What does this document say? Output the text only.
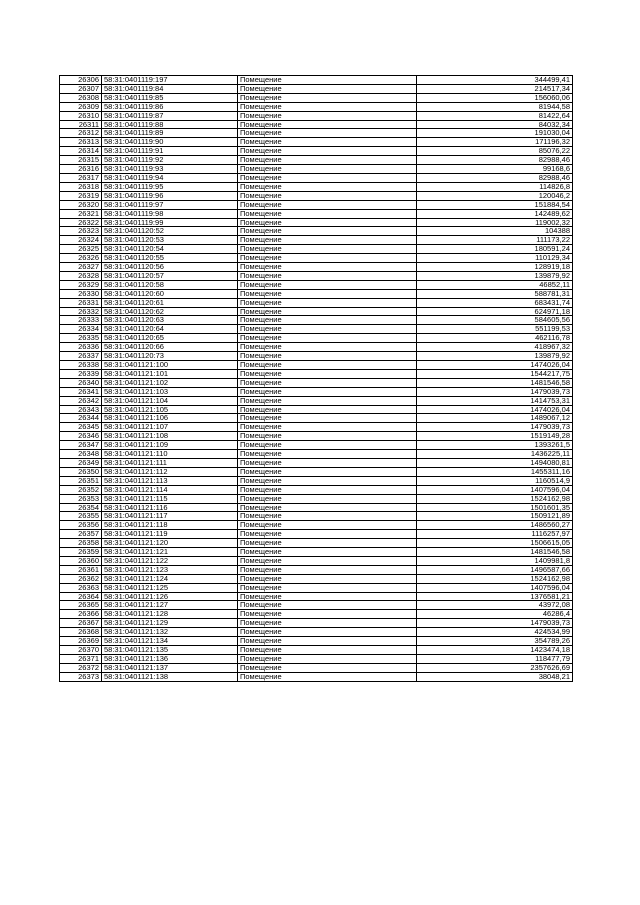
26306	58:31:0401119:197	Помещение	344499,41
26307	58:31:0401119:84	Помещение	214517,34
26308	58:31:0401119:85	Помещение	156060,06
26309	58:31:0401119:86	Помещение	81944,58
26310	58:31:0401119:87	Помещение	81422,64
26311	58:31:0401119:88	Помещение	84032,34
26312	58:31:0401119:89	Помещение	191030,04
26313	58:31:0401119:90	Помещение	171196,32
26314	58:31:0401119:91	Помещение	85076,22
26315	58:31:0401119:92	Помещение	82988,46
26316	58:31:0401119:93	Помещение	99168,6
26317	58:31:0401119:94	Помещение	82988,46
26318	58:31:0401119:95	Помещение	114826,8
26319	58:31:0401119:96	Помещение	120046,2
26320	58:31:0401119:97	Помещение	151884,54
26321	58:31:0401119:98	Помещение	142489,62
26322	58:31:0401119:99	Помещение	119002,32
26323	58:31:0401120:52	Помещение	104388
26324	58:31:0401120:53	Помещение	111173,22
26325	58:31:0401120:54	Помещение	180591,24
26326	58:31:0401120:55	Помещение	110129,34
26327	58:31:0401120:56	Помещение	128919,18
26328	58:31:0401120:57	Помещение	139879,92
26329	58:31:0401120:58	Помещение	46852,11
26330	58:31:0401120:60	Помещение	588781,31
26331	58:31:0401120:61	Помещение	683431,74
26332	58:31:0401120:62	Помещение	624971,18
26333	58:31:0401120:63	Помещение	584605,56
26334	58:31:0401120:64	Помещение	551199,53
26335	58:31:0401120:65	Помещение	462116,78
26336	58:31:0401120:66	Помещение	418967,32
26337	58:31:0401120:73	Помещение	139879,92
26338	58:31:0401121:100	Помещение	1474026,04
26339	58:31:0401121:101	Помещение	1544217,75
26340	58:31:0401121:102	Помещение	1481546,58
26341	58:31:0401121:103	Помещение	1479039,73
26342	58:31:0401121:104	Помещение	1414753,31
26343	58:31:0401121:105	Помещение	1474026,04
26344	58:31:0401121:106	Помещение	1489067,12
26345	58:31:0401121:107	Помещение	1479039,73
26346	58:31:0401121:108	Помещение	1519149,28
26347	58:31:0401121:109	Помещение	1393261,5
26348	58:31:0401121:110	Помещение	1436225,11
26349	58:31:0401121:111	Помещение	1494080,81
26350	58:31:0401121:112	Помещение	1455311,16
26351	58:31:0401121:113	Помещение	1160514,9
26352	58:31:0401121:114	Помещение	1407596,04
26353	58:31:0401121:115	Помещение	1524162,98
26354	58:31:0401121:116	Помещение	1501601,35
26355	58:31:0401121:117	Помещение	1509121,89
26356	58:31:0401121:118	Помещение	1486560,27
26357	58:31:0401121:119	Помещение	1116257,97
26358	58:31:0401121:120	Помещение	1506615,05
26359	58:31:0401121:121	Помещение	1481546,58
26360	58:31:0401121:122	Помещение	1409981,8
26361	58:31:0401121:123	Помещение	1496587,66
26362	58:31:0401121:124	Помещение	1524162,98
26363	58:31:0401121:125	Помещение	1407596,04
26364	58:31:0401121:126	Помещение	1376581,21
26365	58:31:0401121:127	Помещение	43972,08
26366	58:31:0401121:128	Помещение	46286,4
26367	58:31:0401121:129	Помещение	1479039,73
26368	58:31:0401121:132	Помещение	424534,99
26369	58:31:0401121:134	Помещение	354789,26
26370	58:31:0401121:135	Помещение	1423474,18
26371	58:31:0401121:136	Помещение	118477,79
26372	58:31:0401121:137	Помещение	2357626,69
26373	58:31:0401121:138	Помещение	38048,21
